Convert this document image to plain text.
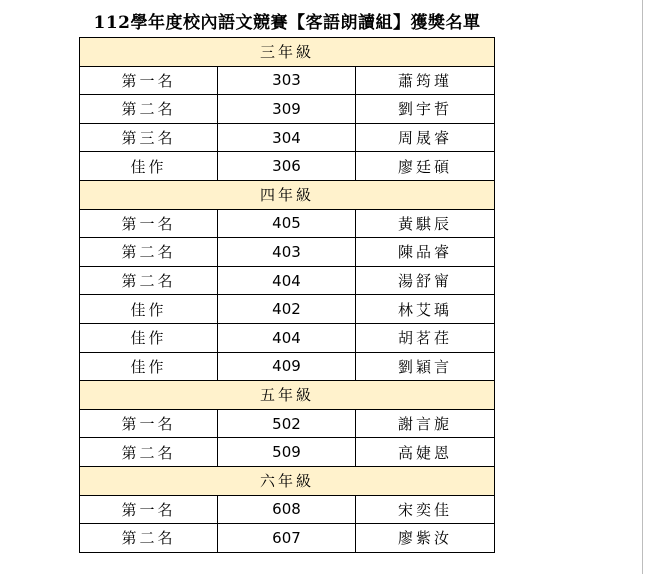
112學年度校內語文競賽【客語朗讀組】獲獎名單
三年級		
第一名	303	蕭筠瑾
第二名	309	劉宇哲
第三名	304	周晟睿
佳作	306	廖廷碩
四年級		
第一名	405	黃騏辰
第二名	403	陳品睿
第二名	404	湯舒甯
佳作	402	林艾瑀
佳作	404	胡茗荏
佳作	409	劉穎言
五年級		
第一名	502	謝言旎
第二名	509	高婕恩
六年級		
第一名	608	宋奕佳
第二名	607	廖紫汝
